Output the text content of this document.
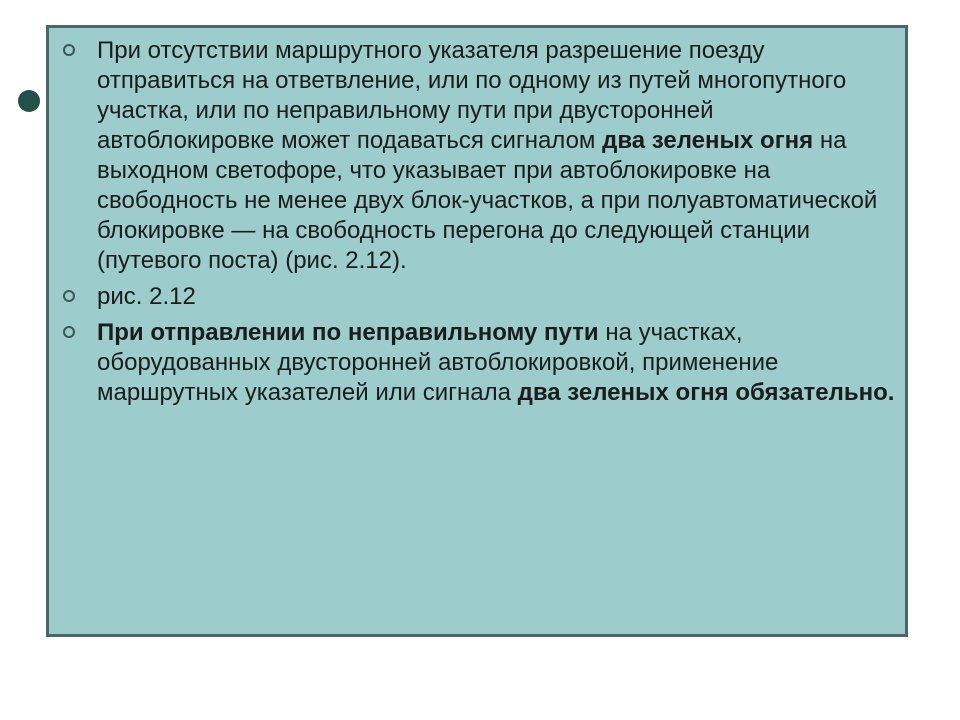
При отсутствии маршрутного указателя разрешение поезду отправиться на ответвление, или по одному из путей многопутного участка, или по неправильному пути при двусторонней автоблокировке может подаваться сигналом два зеленых огня на выходном светофоре, что указывает при автоблокировке на свободность не менее двух блок-участков, а при полуавтоматической блокировке — на свободность перегона до следующей станции (путевого поста) (рис. 2.12).
рис. 2.12
При отправлении по неправильному пути на участках, оборудованных двусторонней автоблокировкой, применение маршрутных указателей или сигнала два зеленых огня обязательно.
